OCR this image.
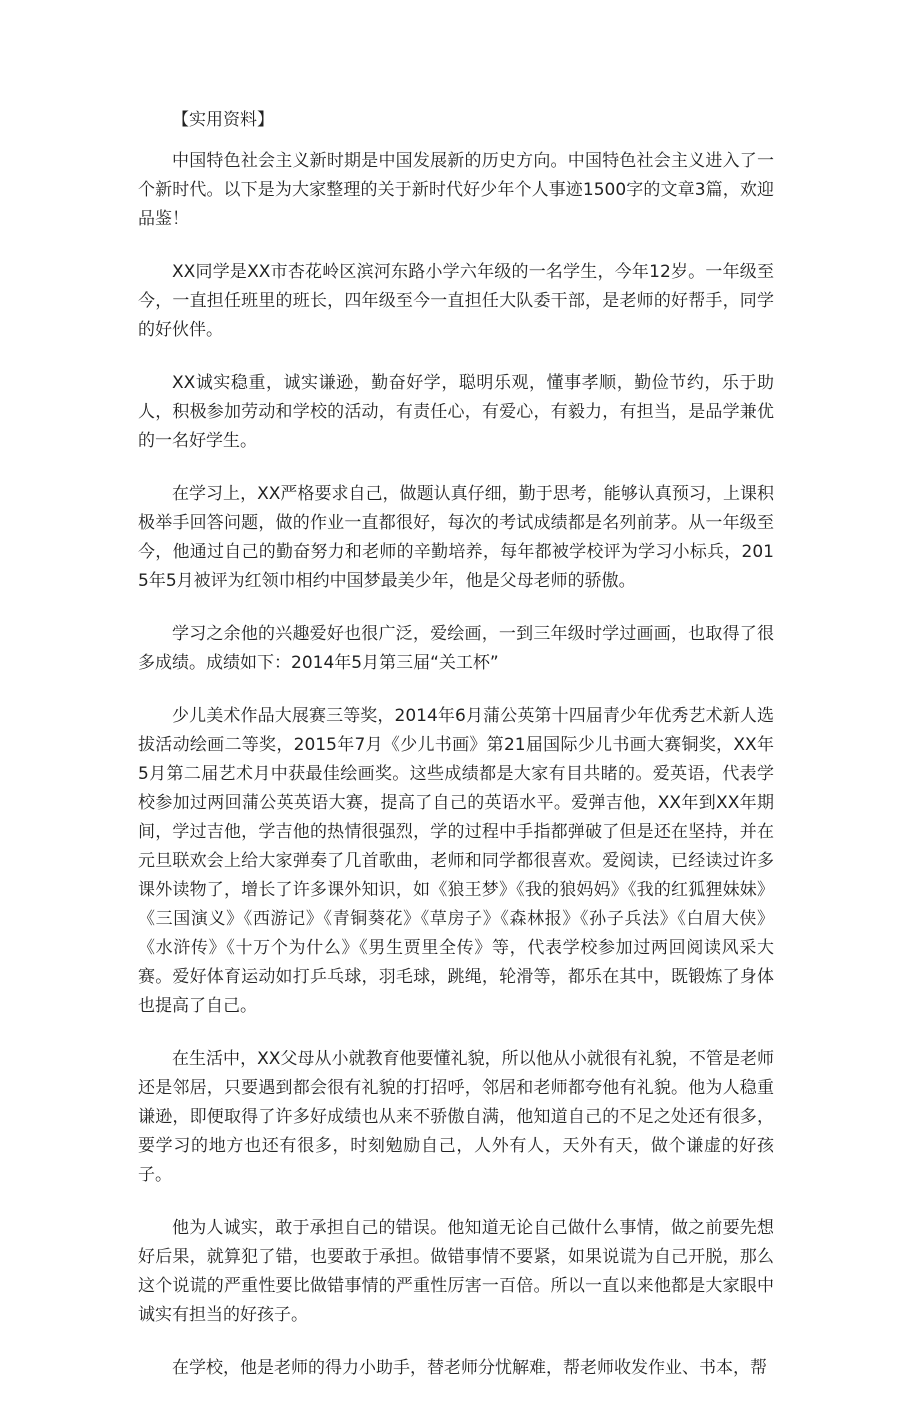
【实用资料】

中国特色社会主义新时期是中国发展新的历史方向。中国特色社会主义进入了一个新时代。以下是为大家整理的关于新时代好少年个人事迹1500字的文章3篇，欢迎品鉴！

XX同学是XX市杏花岭区滨河东路小学六年级的一名学生，今年12岁。一年级至今，一直担任班里的班长，四年级至今一直担任大队委干部，是老师的好帮手，同学的好伙伴。

XX诚实稳重，诚实谦逊，勤奋好学，聪明乐观，懂事孝顺，勤俭节约，乐于助人，积极参加劳动和学校的活动，有责任心，有爱心，有毅力，有担当，是品学兼优的一名好学生。

在学习上，XX严格要求自己，做题认真仔细，勤于思考，能够认真预习，上课积极举手回答问题，做的作业一直都很好，每次的考试成绩都是名列前茅。从一年级至今，他通过自己的勤奋努力和老师的辛勤培养，每年都被学校评为学习小标兵，2015年5月被评为红领巾相约中国梦最美少年，他是父母老师的骄傲。

学习之余他的兴趣爱好也很广泛，爱绘画，一到三年级时学过画画，也取得了很多成绩。成绩如下：2014年5月第三届“关工杯”

少儿美术作品大展赛三等奖，2014年6月蒲公英第十四届青少年优秀艺术新人选拔活动绘画二等奖，2015年7月《少儿书画》第21届国际少儿书画大赛铜奖，XX年5月第二届艺术月中获最佳绘画奖。这些成绩都是大家有目共睹的。爱英语，代表学校参加过两回蒲公英英语大赛，提高了自己的英语水平。爱弹吉他，XX年到XX年期间，学过吉他，学吉他的热情很强烈，学的过程中手指都弹破了但是还在坚持，并在元旦联欢会上给大家弹奏了几首歌曲，老师和同学都很喜欢。爱阅读，已经读过许多课外读物了，增长了许多课外知识，如《狼王梦》《我的狼妈妈》《我的红狐狸妹妹》《三国演义》《西游记》《青铜葵花》《草房子》《森林报》《孙子兵法》《白眉大侠》《水浒传》《十万个为什么》《男生贾里全传》等，代表学校参加过两回阅读风采大赛。爱好体育运动如打乒乓球，羽毛球，跳绳，轮滑等，都乐在其中，既锻炼了身体也提高了自己。

在生活中，XX父母从小就教育他要懂礼貌，所以他从小就很有礼貌，不管是老师还是邻居，只要遇到都会很有礼貌的打招呼，邻居和老师都夸他有礼貌。他为人稳重谦逊，即便取得了许多好成绩也从来不骄傲自满，他知道自己的不足之处还有很多，要学习的地方也还有很多，时刻勉励自己，人外有人，天外有天，做个谦虚的好孩子。

他为人诚实，敢于承担自己的错误。他知道无论自己做什么事情，做之前要先想好后果，就算犯了错，也要敢于承担。做错事情不要紧，如果说谎为自己开脱，那么这个说谎的严重性要比做错事情的严重性厉害一百倍。所以一直以来他都是大家眼中诚实有担当的好孩子。

在学校，他是老师的得力小助手，替老师分忧解难，帮老师收发作业、书本，帮
